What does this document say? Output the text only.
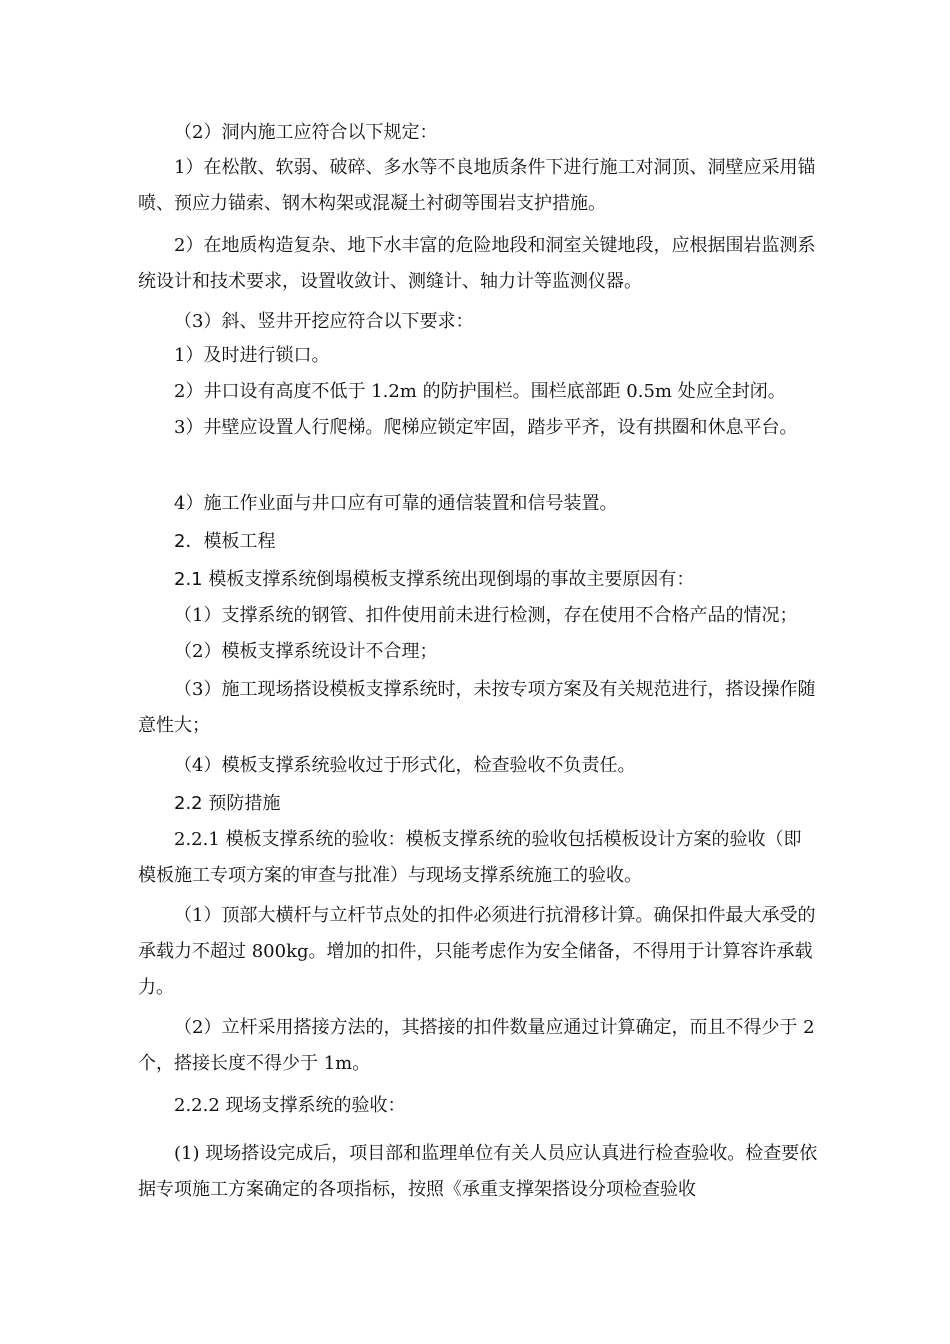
（2）洞内施工应符合以下规定：

1）在松散、软弱、破碎、多水等不良地质条件下进行施工对洞顶、洞壁应采用锚喷、预应力锚索、钢木构架或混凝土衬砌等围岩支护措施。

2）在地质构造复杂、地下水丰富的危险地段和洞室关键地段，应根据围岩监测系统设计和技术要求，设置收敛计、测缝计、轴力计等监测仪器。

（3）斜、竖井开挖应符合以下要求：

1）及时进行锁口。

2）井口设有高度不低于 1.2m 的防护围栏。围栏底部距 0.5m 处应全封闭。

3）井壁应设置人行爬梯。爬梯应锁定牢固，踏步平齐，设有拱圈和休息平台。

4）施工作业面与井口应有可靠的通信装置和信号装置。

2．模板工程

2.1 模板支撑系统倒塌模板支撑系统出现倒塌的事故主要原因有：

（1）支撑系统的钢管、扣件使用前未进行检测，存在使用不合格产品的情况；

（2）模板支撑系统设计不合理；

（3）施工现场搭设模板支撑系统时，未按专项方案及有关规范进行，搭设操作随意性大；

（4）模板支撑系统验收过于形式化，检查验收不负责任。

2.2 预防措施

2.2.1 模板支撑系统的验收：模板支撑系统的验收包括模板设计方案的验收（即模板施工专项方案的审查与批准）与现场支撑系统施工的验收。

（1）顶部大横杆与立杆节点处的扣件必须进行抗滑移计算。确保扣件最大承受的承载力不超过 800kg。增加的扣件，只能考虑作为安全储备，不得用于计算容许承载力。

（2）立杆采用搭接方法的，其搭接的扣件数量应通过计算确定，而且不得少于 2 个，搭接长度不得少于 1m。

2.2.2 现场支撑系统的验收：

(1) 现场搭设完成后，项目部和监理单位有关人员应认真进行检查验收。检查要依据专项施工方案确定的各项指标，按照《承重支撑架搭设分项检查验收
